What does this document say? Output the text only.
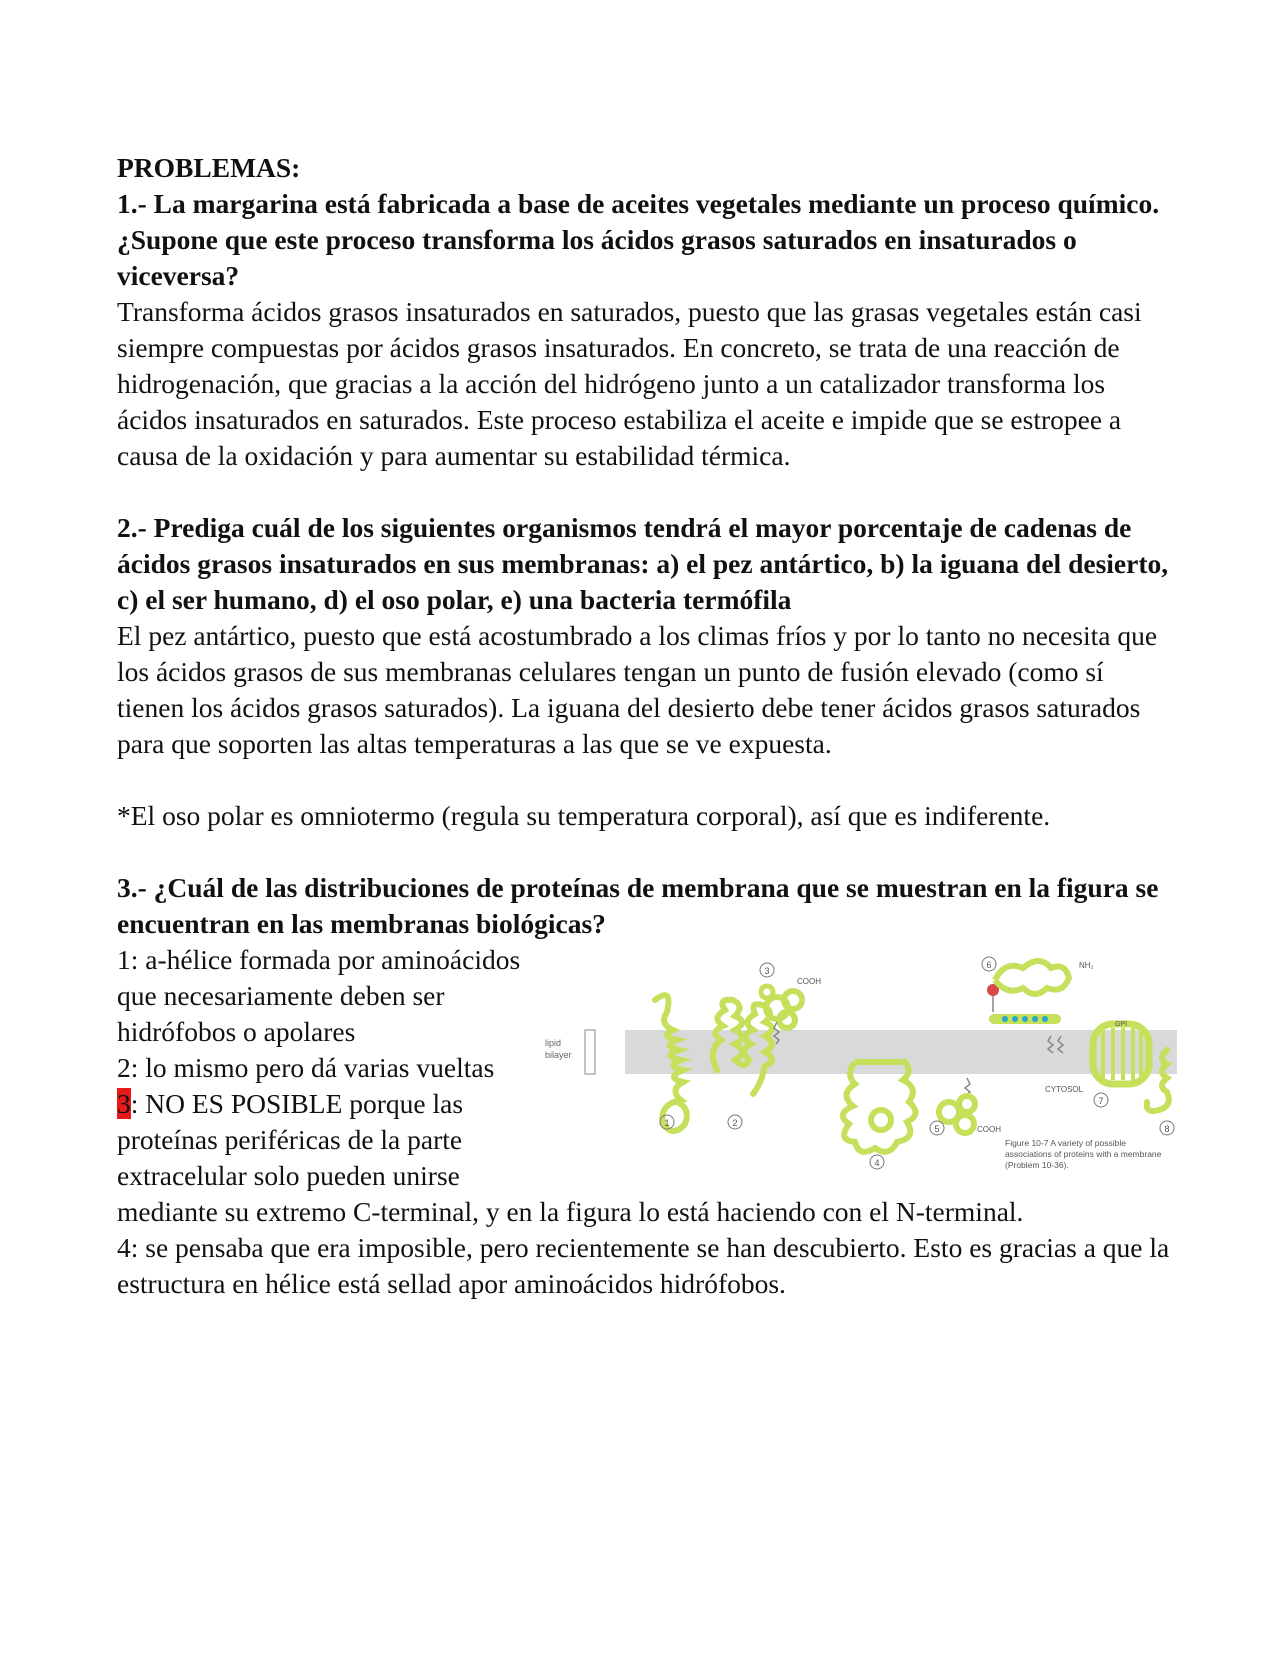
PROBLEMAS:

1.- La margarina está fabricada a base de aceites vegetales mediante un proceso químico. ¿Supone que este proceso transforma los ácidos grasos saturados en insaturados o viceversa?

Transforma ácidos grasos insaturados en saturados, puesto que las grasas vegetales están casi siempre compuestas por ácidos grasos insaturados. En concreto, se trata de una reacción de hidrogenación, que gracias a la acción del hidrógeno junto a un catalizador transforma los ácidos insaturados en saturados. Este proceso estabiliza el aceite e impide que se estropee a causa de la oxidación y para aumentar su estabilidad térmica.

2.- Prediga cuál de los siguientes organismos tendrá el mayor porcentaje de cadenas de ácidos grasos insaturados en sus membranas: a) el pez antártico, b) la iguana del desierto, c) el ser humano, d) el oso polar, e) una bacteria termófila

El pez antártico, puesto que está acostumbrado a los climas fríos y por lo tanto no necesita que los ácidos grasos de sus membranas celulares tengan un punto de fusión elevado (como sí tienen los ácidos grasos saturados). La iguana del desierto debe tener ácidos grasos saturados para que soporten las altas temperaturas a las que se ve expuesta.

*El oso polar es omniotermo (regula su temperatura corporal), así que es indiferente.

3.- ¿Cuál de las distribuciones de proteínas de membrana que se muestran en la figura se encuentran en las membranas biológicas?

lipid
bilayer
3
COOH
4
5	COOH
6	NH₂
CYTOSOL
GPI
7
8
1	2
Figure 10-7 A variety of possible
associations of proteins with a membrane
(Problem 10-36).

1: a-hélice formada por aminoácidos que necesariamente deben ser hidrófobos o apolares

2: lo mismo pero dá varias vueltas

3: NO ES POSIBLE porque las proteínas periféricas de la parte extracelular solo pueden unirse mediante su extremo C-terminal, y en la figura lo está haciendo con el N-terminal.

4: se pensaba que era imposible, pero recientemente se han descubierto. Esto es gracias a que la estructura en hélice está sellad apor aminoácidos hidrófobos.
